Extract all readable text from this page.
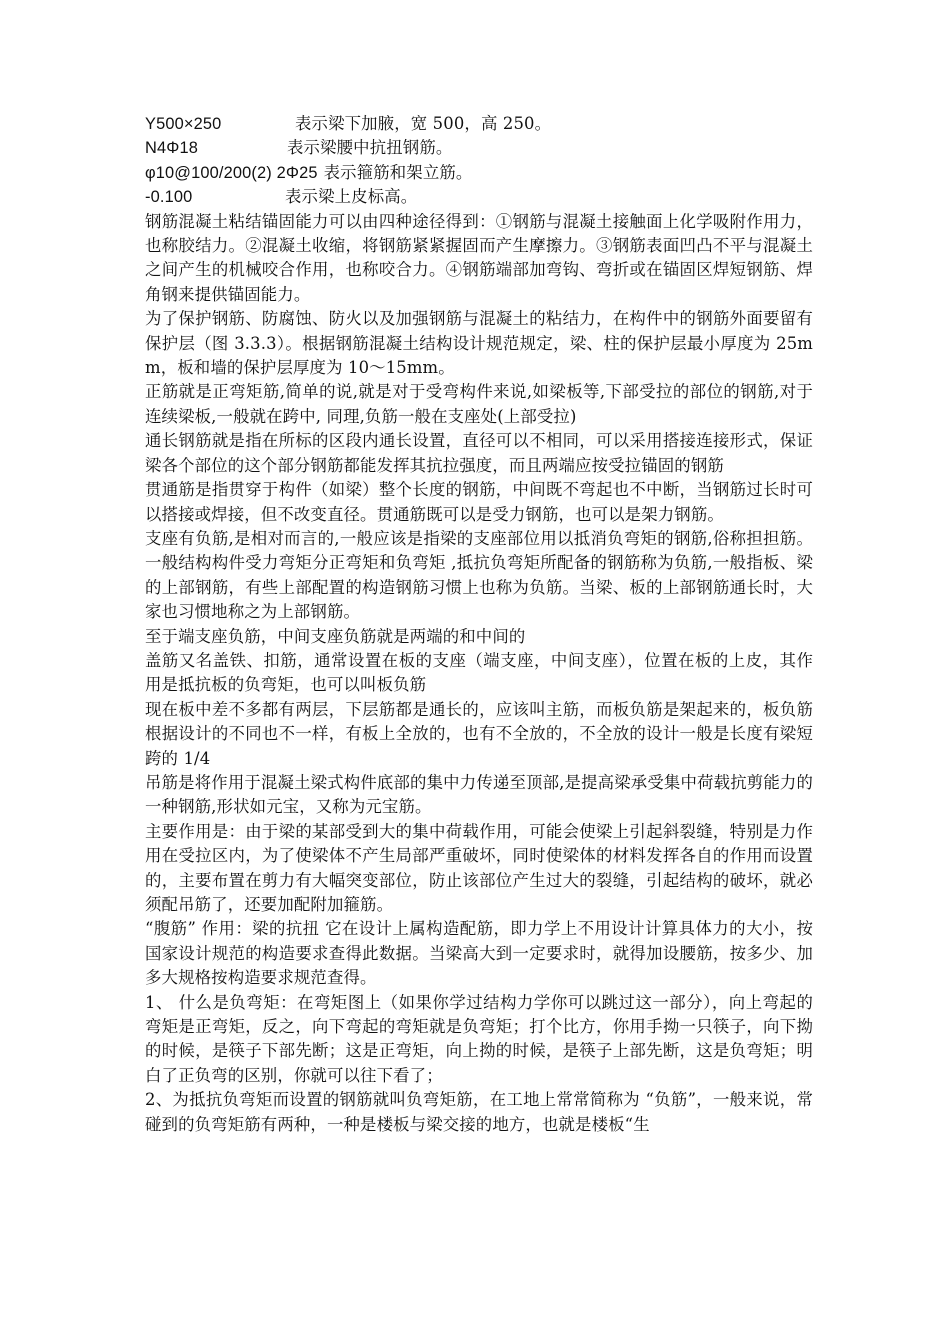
Y500×250	表示梁下加腋，宽 500，高 250。
N4Φ18	表示梁腰中抗扭钢筋。
φ10@100/200(2) 2Φ25 表示箍筋和架立筋。
-0.100	表示梁上皮标高。

钢筋混凝土粘结锚固能力可以由四种途径得到：①钢筋与混凝土接触面上化学吸附作用力，也称胶结力。②混凝土收缩，将钢筋紧紧握固而产生摩擦力。③钢筋表面凹凸不平与混凝土之间产生的机械咬合作用，也称咬合力。④钢筋端部加弯钩、弯折或在锚固区焊短钢筋、焊角钢来提供锚固能力。

为了保护钢筋、防腐蚀、防火以及加强钢筋与混凝土的粘结力，在构件中的钢筋外面要留有保护层（图 3.3.3）。根据钢筋混凝土结构设计规范规定，梁、柱的保护层最小厚度为 25mm，板和墙的保护层厚度为 10～15mm。

正筋就是正弯矩筋,简单的说,就是对于受弯构件来说,如梁板等,下部受拉的部位的钢筋,对于连续梁板,一般就在跨中, 同理,负筋一般在支座处(上部受拉)

通长钢筋就是指在所标的区段内通长设置，直径可以不相同，可以采用搭接连接形式，保证梁各个部位的这个部分钢筋都能发挥其抗拉强度，而且两端应按受拉锚固的钢筋

贯通筋是指贯穿于构件（如梁）整个长度的钢筋，中间既不弯起也不中断，当钢筋过长时可以搭接或焊接，但不改变直径。贯通筋既可以是受力钢筋，也可以是架力钢筋。

支座有负筋,是相对而言的,一般应该是指梁的支座部位用以抵消负弯矩的钢筋,俗称担担筋。一般结构构件受力弯矩分正弯矩和负弯矩 ,抵抗负弯矩所配备的钢筋称为负筋,一般指板、梁的上部钢筋，有些上部配置的构造钢筋习惯上也称为负筋。当梁、板的上部钢筋通长时，大家也习惯地称之为上部钢筋。

至于端支座负筋，中间支座负筋就是两端的和中间的

盖筋又名盖铁、扣筋，通常设置在板的支座（端支座，中间支座），位置在板的上皮，其作用是抵抗板的负弯矩，也可以叫板负筋

现在板中差不多都有两层，下层筋都是通长的，应该叫主筋，而板负筋是架起来的，板负筋根据设计的不同也不一样，有板上全放的，也有不全放的，不全放的设计一般是长度有梁短跨的 1/4

吊筋是将作用于混凝土梁式构件底部的集中力传递至顶部,是提高梁承受集中荷载抗剪能力的一种钢筋,形状如元宝，又称为元宝筋。

主要作用是：由于梁的某部受到大的集中荷载作用，可能会使梁上引起斜裂缝，特别是力作用在受拉区内，为了使梁体不产生局部严重破坏，同时使梁体的材料发挥各自的作用而设置的，主要布置在剪力有大幅突变部位，防止该部位产生过大的裂缝，引起结构的破坏，就必须配吊筋了，还要加配附加箍筋。

“腹筋” 作用：梁的抗扭 它在设计上属构造配筋，即力学上不用设计计算具体力的大小，按国家设计规范的构造要求查得此数据。当梁高大到一定要求时，就得加设腰筋，按多少、加多大规格按构造要求规范查得。

1、 什么是负弯矩：在弯矩图上（如果你学过结构力学你可以跳过这一部分），向上弯起的弯矩是正弯矩，反之，向下弯起的弯矩就是负弯矩；打个比方，你用手拗一只筷子，向下拗的时候，是筷子下部先断；这是正弯矩，向上拗的时候，是筷子上部先断，这是负弯矩；明白了正负弯的区别，你就可以往下看了；

2、为抵抗负弯矩而设置的钢筋就叫负弯矩筋，在工地上常常简称为 “负筋”，一般来说，常碰到的负弯矩筋有两种，一种是楼板与梁交接的地方，也就是楼板“生
